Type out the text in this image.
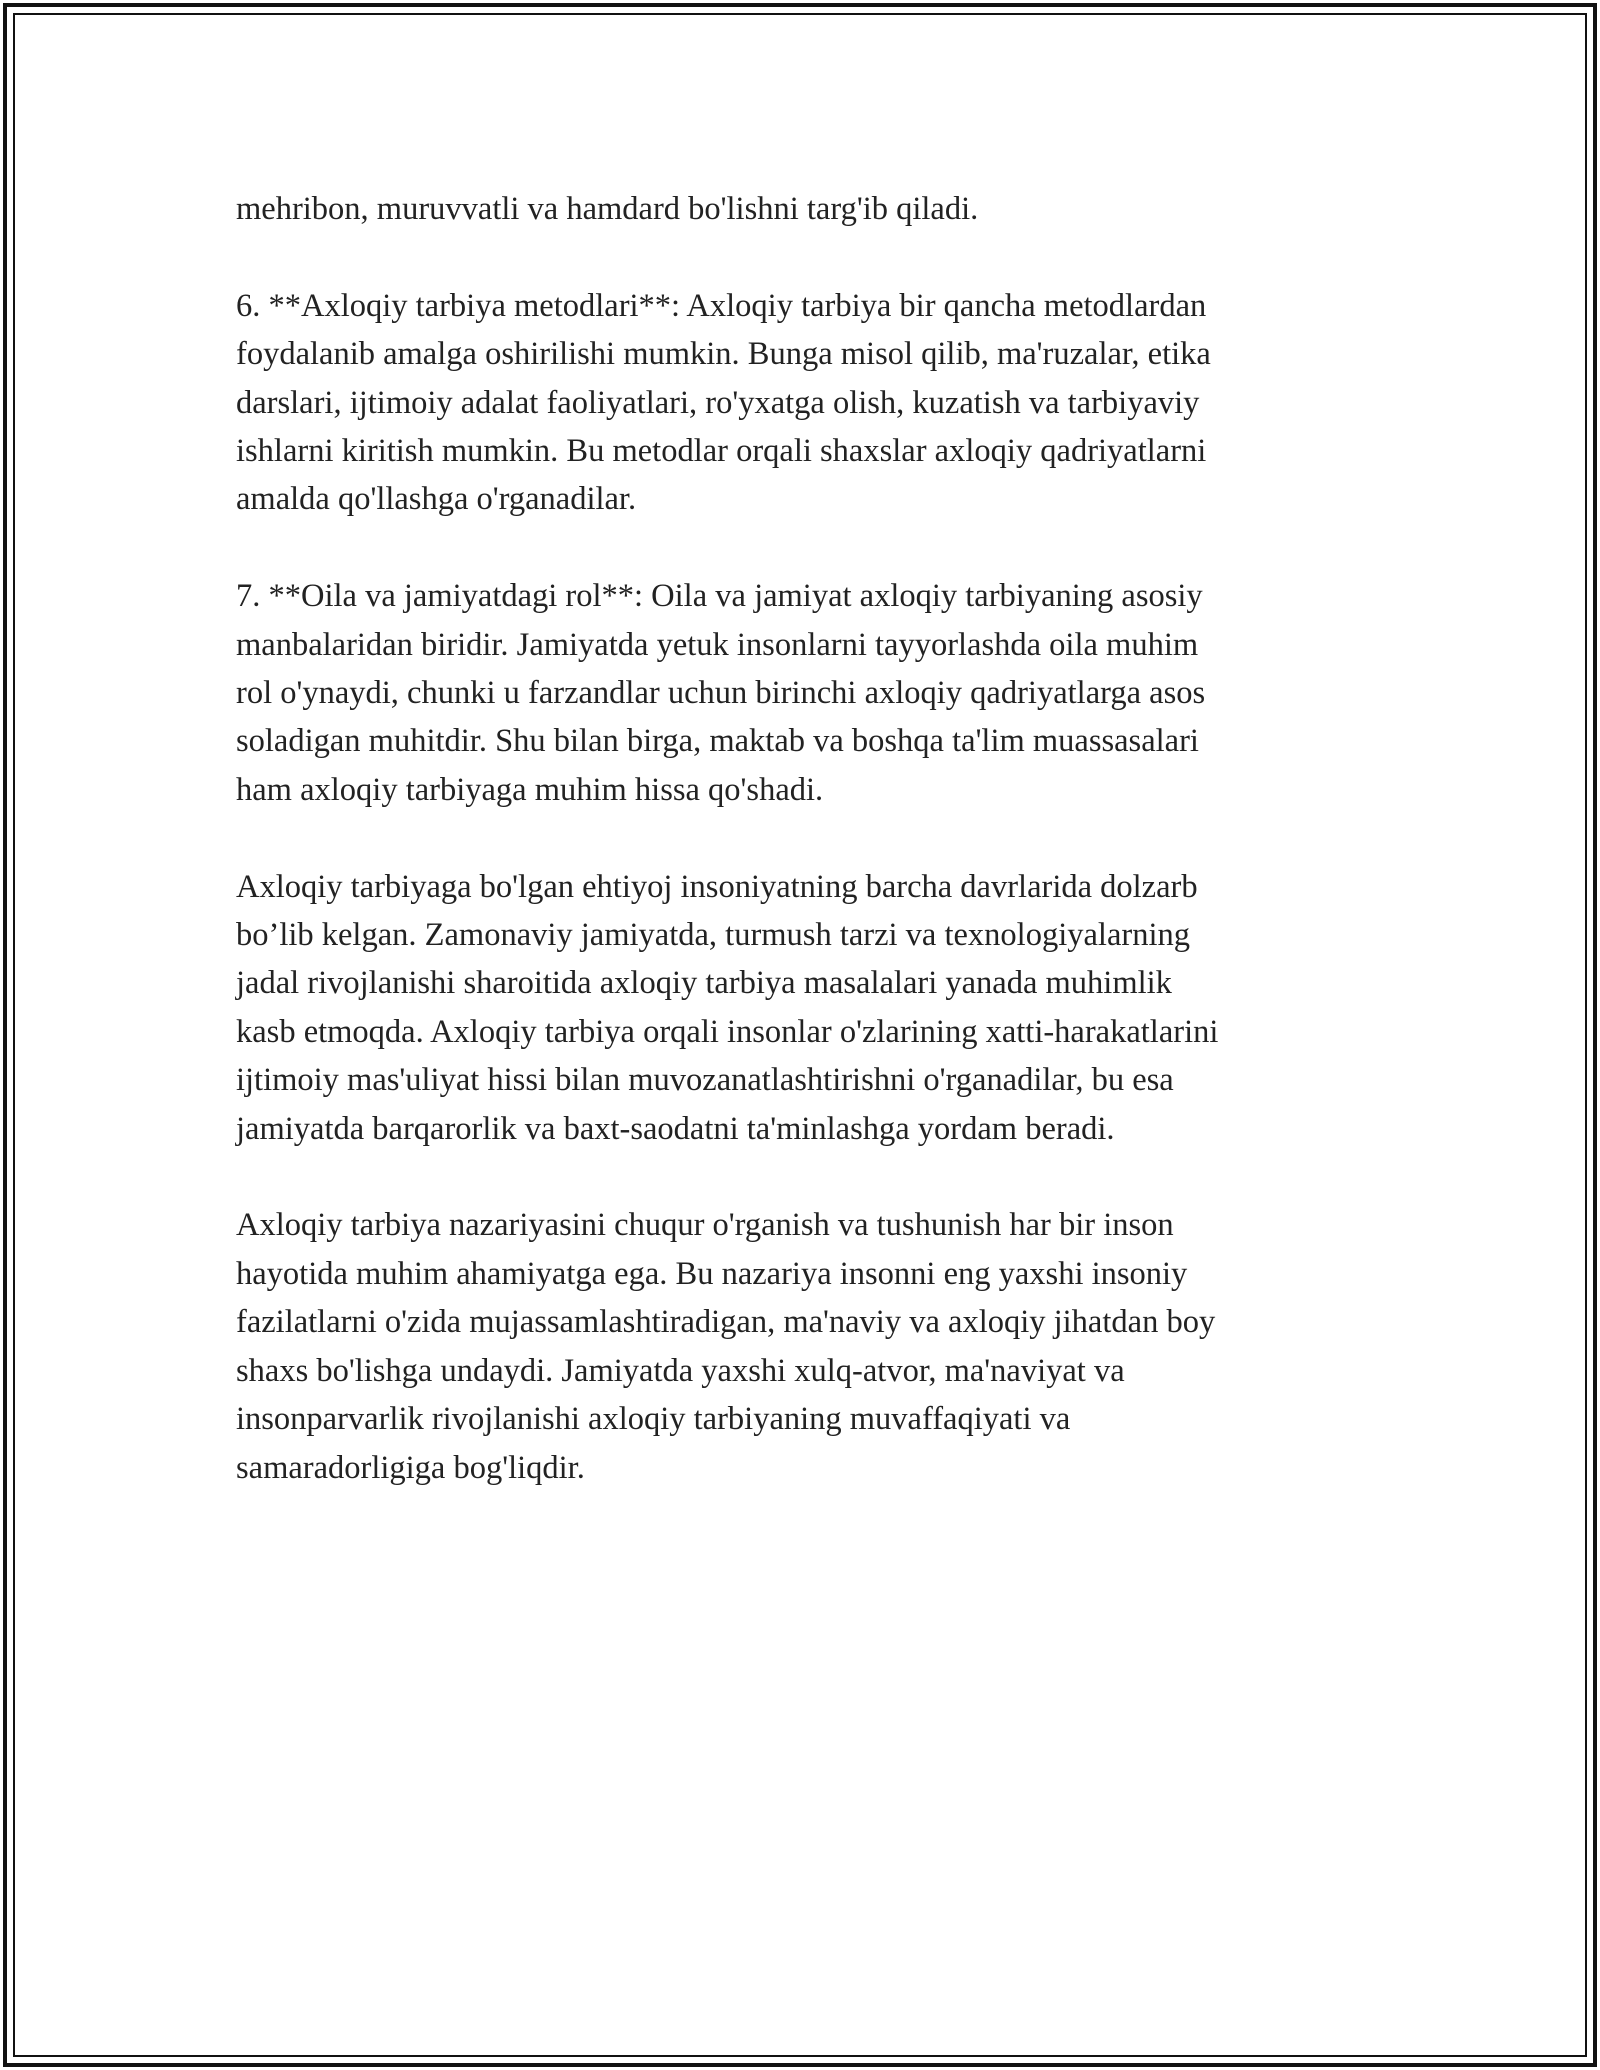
mehribon, muruvvatli va hamdard bo'lishni targ'ib qiladi.

6. **Axloqiy tarbiya metodlari**: Axloqiy tarbiya bir qancha metodlardan
foydalanib amalga oshirilishi mumkin. Bunga misol qilib, ma'ruzalar, etika
darslari, ijtimoiy adalat faoliyatlari, ro'yxatga olish, kuzatish va tarbiyaviy
ishlarni kiritish mumkin. Bu metodlar orqali shaxslar axloqiy qadriyatlarni
amalda qo'llashga o'rganadilar.

7. **Oila va jamiyatdagi rol**: Oila va jamiyat axloqiy tarbiyaning asosiy
manbalaridan biridir. Jamiyatda yetuk insonlarni tayyorlashda oila muhim
rol o'ynaydi, chunki u farzandlar uchun birinchi axloqiy qadriyatlarga asos
soladigan muhitdir. Shu bilan birga, maktab va boshqa ta'lim muassasalari
ham axloqiy tarbiyaga muhim hissa qo'shadi.

Axloqiy tarbiyaga bo'lgan ehtiyoj insoniyatning barcha davrlarida dolzarb
bo’lib kelgan. Zamonaviy jamiyatda, turmush tarzi va texnologiyalarning
jadal rivojlanishi sharoitida axloqiy tarbiya masalalari yanada muhimlik
kasb etmoqda. Axloqiy tarbiya orqali insonlar o'zlarining xatti-harakatlarini
ijtimoiy mas'uliyat hissi bilan muvozanatlashtirishni o'rganadilar, bu esa
jamiyatda barqarorlik va baxt-saodatni ta'minlashga yordam beradi.

Axloqiy tarbiya nazariyasini chuqur o'rganish va tushunish har bir inson
hayotida muhim ahamiyatga ega. Bu nazariya insonni eng yaxshi insoniy
fazilatlarni o'zida mujassamlashtiradigan, ma'naviy va axloqiy jihatdan boy
shaxs bo'lishga undaydi. Jamiyatda yaxshi xulq-atvor, ma'naviyat va
insonparvarlik rivojlanishi axloqiy tarbiyaning muvaffaqiyati va
samaradorligiga bog'liqdir.
